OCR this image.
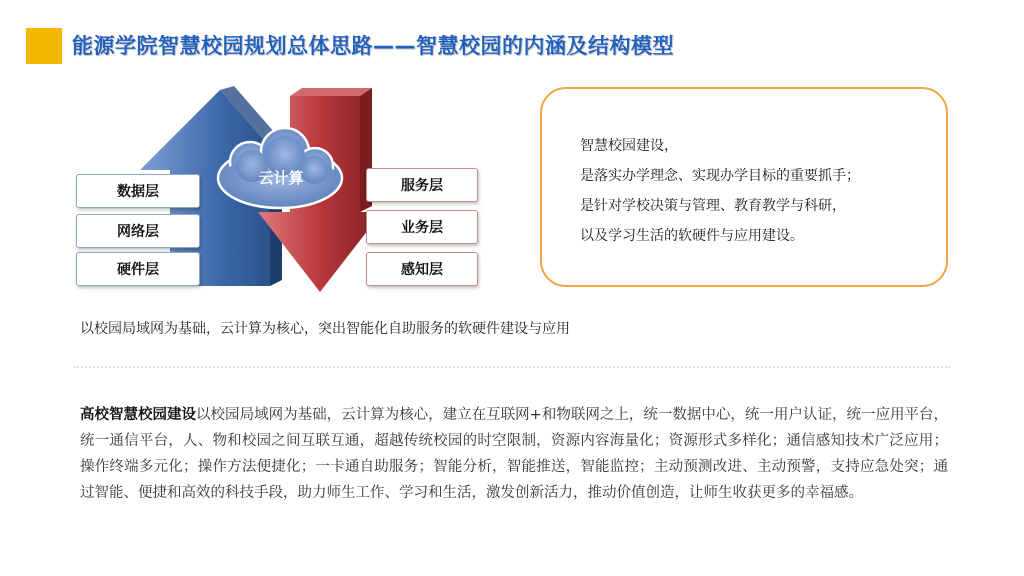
能源学院智慧校园规划总体思路——智慧校园的内涵及结构模型
数据层
网络层
硬件层
服务层
业务层
感知层
云计算
智慧校园建设，
是落实办学理念、实现办学目标的重要抓手；
是针对学校决策与管理、教育教学与科研，
以及学习生活的软硬件与应用建设。
以校园局域网为基础，云计算为核心，突出智能化自助服务的软硬件建设与应用
高校智慧校园建设以校园局域网为基础，云计算为核心，建立在互联网+和物联网之上，统一数据中心，统一用户认证，统一应用平台，统一通信平台，人、物和校园之间互联互通，超越传统校园的时空限制，资源内容海量化；资源形式多样化；通信感知技术广泛应用；操作终端多元化；操作方法便捷化；一卡通自助服务；智能分析，智能推送，智能监控；主动预测改进、主动预警，支持应急处突；通过智能、便捷和高效的科技手段，助力师生工作、学习和生活，激发创新活力，推动价值创造，让师生收获更多的幸福感。
